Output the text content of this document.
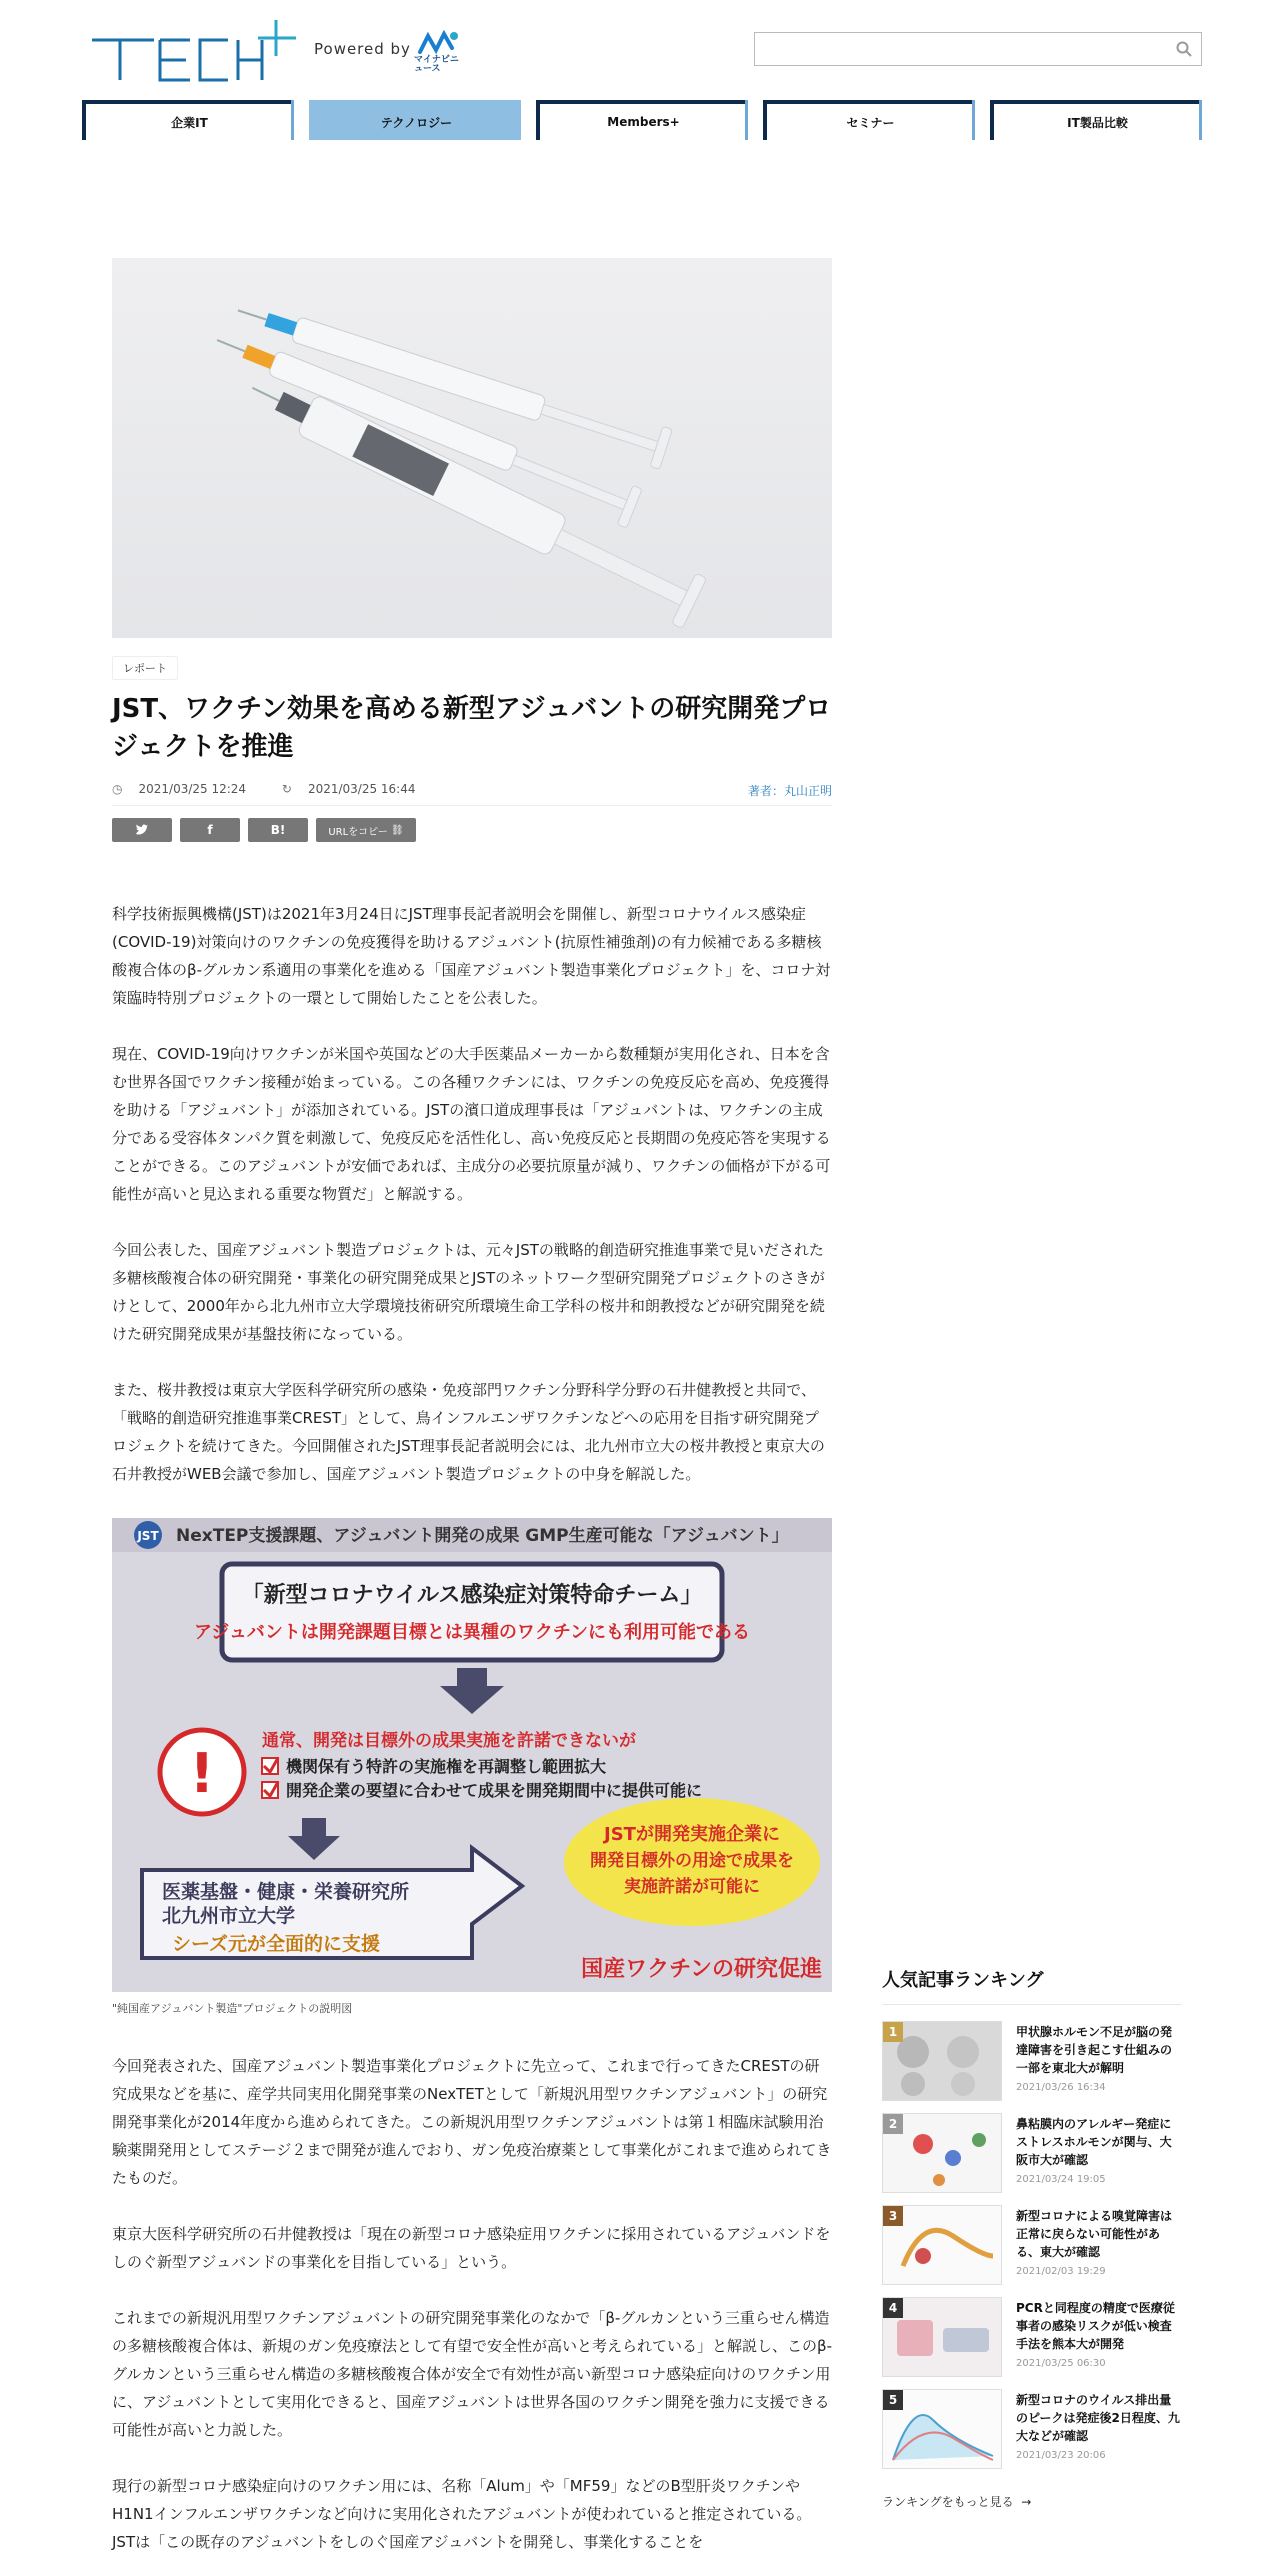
Powered by
マイナビニュース
企業IT	テクノロジー	Members+	セミナー	IT製品比較
レポート
JST、ワクチン効果を高める新型アジュバントの研究開発プロジェクトを推進
◷ 2021/03/25 12:24	↻ 2021/03/25 16:44	著者：丸山正明
f	B!	URLをコピー
⛓

科学技術振興機構(JST)は2021年3月24日にJST理事長記者説明会を開催し、新型コロナウイルス感染症(COVID-19)対策向けのワクチンの免疫獲得を助けるアジュバント(抗原性補強剤)の有力候補である多糖核酸複合体のβ-グルカン系適用の事業化を進める「国産アジュバント製造事業化プロジェクト」を、コロナ対策臨時特別プロジェクトの一環として開始したことを公表した。

現在、COVID-19向けワクチンが米国や英国などの大手医薬品メーカーから数種類が実用化され、日本を含む世界各国でワクチン接種が始まっている。この各種ワクチンには、ワクチンの免疫反応を高め、免疫獲得を助ける「アジュバント」が添加されている。JSTの濱口道成理事長は「アジュバントは、ワクチンの主成分である受容体タンパク質を刺激して、免疫反応を活性化し、高い免疫反応と長期間の免疫応答を実現することができる。このアジュバントが安価であれば、主成分の必要抗原量が減り、ワクチンの価格が下がる可能性が高いと見込まれる重要な物質だ」と解説する。

今回公表した、国産アジュバント製造プロジェクトは、元々JSTの戦略的創造研究推進事業で見いだされた多糖核酸複合体の研究開発・事業化の研究開発成果とJSTのネットワーク型研究開発プロジェクトのさきがけとして、2000年から北九州市立大学環境技術研究所環境生命工学科の桜井和朗教授などが研究開発を続けた研究開発成果が基盤技術になっている。

また、桜井教授は東京大学医科学研究所の感染・免疫部門ワクチン分野科学分野の石井健教授と共同で、「戦略的創造研究推進事業CREST」として、鳥インフルエンザワクチンなどへの応用を目指す研究開発プロジェクトを続けてきた。今回開催されたJST理事長記者説明会には、北九州市立大の桜井教授と東京大の石井教授がWEB会議で参加し、国産アジュバント製造プロジェクトの中身を解説した。

JST NexTEP支援課題、アジュバント開発の成果 GMP生産可能な「アジュバント」
「新型コロナウイルス感染症対策特命チーム」
アジュバントは開発課題目標とは異種のワクチンにも利用可能である
!
通常、開発は目標外の成果実施を許諾できないが
機関保有う特許の実施権を再調整し範囲拡大
開発企業の要望に合わせて成果を開発期間中に提供可能に
医薬基盤・健康・栄養研究所
北九州市立大学
シーズ元が全面的に支援
JSTが開発実施企業に
開発目標外の用途で成果を
実施許諾が可能に
国産ワクチンの研究促進
"純国産アジュバント製造"プロジェクトの説明図

今回発表された、国産アジュバント製造事業化プロジェクトに先立って、これまで行ってきたCRESTの研究成果などを基に、産学共同実用化開発事業のNexTETとして「新規汎用型ワクチンアジュバント」の研究開発事業化が2014年度から進められてきた。この新規汎用型ワクチンアジュバントは第１相臨床試験用治験薬開発用としてステージ２まで開発が進んでおり、ガン免疫治療薬として事業化がこれまで進められてきたものだ。

東京大医科学研究所の石井健教授は「現在の新型コロナ感染症用ワクチンに採用されているアジュバンドをしのぐ新型アジュバンドの事業化を目指している」という。

これまでの新規汎用型ワクチンアジュバントの研究開発事業化のなかで「β-グルカンという三重らせん構造の多糖核酸複合体は、新規のガン免疫療法として有望で安全性が高いと考えられている」と解説し、このβ-グルカンという三重らせん構造の多糖核酸複合体が安全で有効性が高い新型コロナ感染症向けのワクチン用に、アジュバントとして実用化できると、国産アジュバントは世界各国のワクチン開発を強力に支援できる可能性が高いと力説した。

現行の新型コロナ感染症向けのワクチン用には、名称「Alum」や「MF59」などのB型肝炎ワクチンやH1N1インフルエンザワクチンなど向けに実用化されたアジュバントが使われていると推定されている。JSTは「この既存のアジュバントをしのぐ国産アジュバントを開発し、事業化することを

人気記事ランキング
1	甲状腺ホルモン不足が脳の発達障害を引き起こす仕組みの一部を東北大が解明
2021/03/26 16:34
2	鼻粘膜内のアレルギー発症にストレスホルモンが関与、大阪市大が確認
2021/03/24 19:05
3	新型コロナによる嗅覚障害は正常に戻らない可能性がある、東大が確認
2021/02/03 19:29
4	PCRと同程度の精度で医療従事者の感染リスクが低い検査手法を熊本大が開発
2021/03/25 06:30
5	新型コロナのウイルス排出量のピークは発症後2日程度、九大などが確認
2021/03/23 20:06
ランキングをもっと見る →
